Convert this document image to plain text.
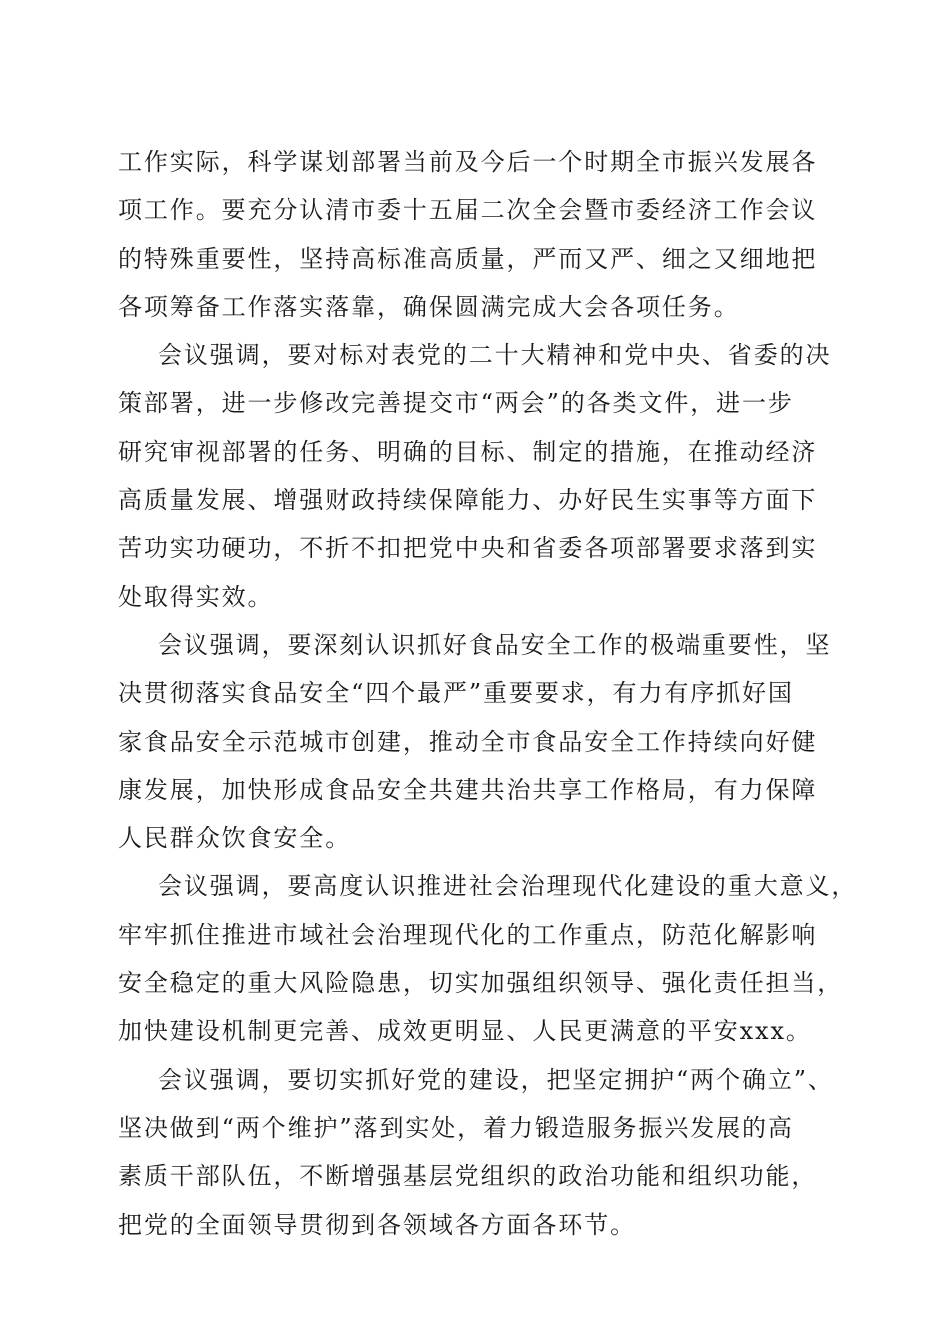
工作实际，科学谋划部署当前及今后一个时期全市振兴发展各
项工作。要充分认清市委十五届二次全会暨市委经济工作会议
的特殊重要性，坚持高标准高质量，严而又严、细之又细地把
各项筹备工作落实落靠，确保圆满完成大会各项任务。
会议强调，要对标对表党的二十大精神和党中央、省委的决
策部署，进一步修改完善提交市“两会”的各类文件，进一步
研究审视部署的任务、明确的目标、制定的措施，在推动经济
高质量发展、增强财政持续保障能力、办好民生实事等方面下
苦功实功硬功，不折不扣把党中央和省委各项部署要求落到实
处取得实效。
会议强调，要深刻认识抓好食品安全工作的极端重要性，坚
决贯彻落实食品安全“四个最严”重要要求，有力有序抓好国
家食品安全示范城市创建，推动全市食品安全工作持续向好健
康发展，加快形成食品安全共建共治共享工作格局，有力保障
人民群众饮食安全。
会议强调，要高度认识推进社会治理现代化建设的重大意义，
牢牢抓住推进市域社会治理现代化的工作重点，防范化解影响
安全稳定的重大风险隐患，切实加强组织领导、强化责任担当，
加快建设机制更完善、成效更明显、人民更满意的平安xxx。
会议强调，要切实抓好党的建设，把坚定拥护“两个确立”、
坚决做到“两个维护”落到实处，着力锻造服务振兴发展的高
素质干部队伍，不断增强基层党组织的政治功能和组织功能，
把党的全面领导贯彻到各领域各方面各环节。
